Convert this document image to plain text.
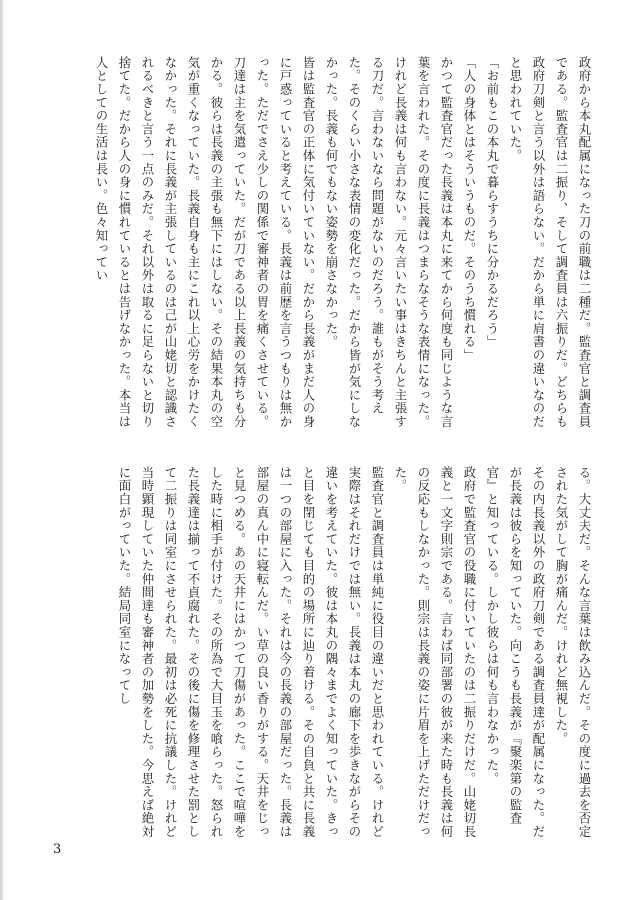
政府から本丸配属になった刀の前職は二種だ。監査官と調査員である。監査官は二振り、そして調査員は六振りだ。どちらも政府刀剣と言う以外は語らない。だから単に肩書の違いなのだと思われていた。

「お前もこの本丸で暮らすうちに分かるだろう」

「人の身体とはそういうものだ。そのうち慣れる」

かつて監査官だった長義は本丸に来てから何度も同じような言葉を言われた。その度に長義はつまらなそうな表情になった。けれど長義は何も言わない。元々言いたい事はきちんと主張する刀だ。言わないなら問題がないのだろう。誰もがそう考えた。そのくらい小さな表情の変化だった。だから皆が気にしなかった。長義も何でもない姿勢を崩さなかった。

皆は監査官の正体に気付いていない。だから長義がまだ人の身に戸惑っていると考えている。長義は前歴を言うつもりは無かった。ただでさえ少しの関係で審神者の胃を痛くさせている。刀達は主を気遣っていた。だが刀である以上長義の気持ちも分かる。彼らは長義の主張も無下にはしない。その結果本丸の空気が重くなっていた。長義自身も主にこれ以上心労をかけたくなかった。それに長義が主張しているのは己が山姥切と認識されるべきと言う一点のみだ。それ以外は取るに足らないと切り捨てた。だから人の身に慣れているとは告げなかった。本当は人としての生活は長い。色々知ってい

る。大丈夫だ。そんな言葉は飲み込んだ。その度に過去を否定された気がして胸が痛んだ。けれど無視した。

その内長義以外の政府刀剣である調査員達が配属になった。だが長義は彼らを知っていた。向こうも長義が『聚楽第の監査官』と知っている。しかし彼らは何も言わなかった。

政府で監査官の役職に付いていたのは二振りだけだ。山姥切長義と一文字則宗である。言わば同部署の彼が来た時も長義は何の反応もしなかった。則宗は長義の姿に片眉を上げただけだった。

監査官と調査員は単純に役目の違いだと思われている。けれど実際はそれだけでは無い。長義は本丸の廊下を歩きながらその違いを考えていた。彼は本丸の隅々までよく知っていた。きっと目を閉じても目的の場所に辿り着ける。その自負と共に長義は一つの部屋に入った。それは今の長義の部屋だった。長義は部屋の真ん中に寝転んだ。い草の良い香りがする。天井をじっと見つめる。あの天井にはかつて刀傷があった。ここで喧嘩をした時に相手が付けた。その所為で大目玉を喰らった。怒られた長義達は揃って不貞腐れた。その後に傷を修理させた罰として二振りは同室にさせられた。最初は必死に抗議した。けれど当時顕現していた仲間達も審神者の加勢をした。今思えば絶対に面白がっていた。結局同室になってし

3
